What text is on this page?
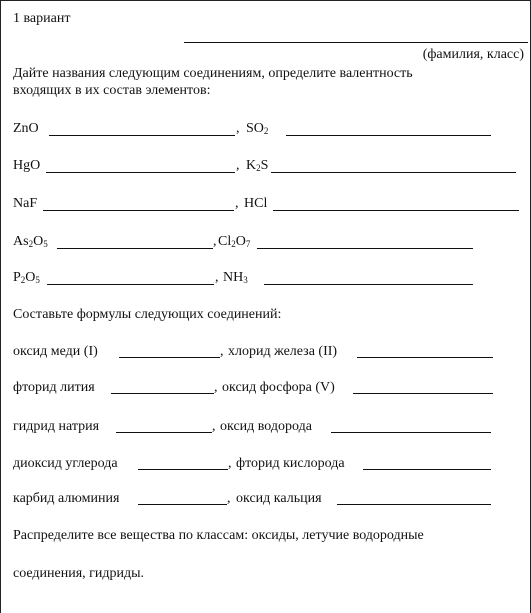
1 вариант
(фамилия, класс)
Дайте названия следующим соединениям, определите валентность
входящих в их состав элементов:
ZnO	, $SO_2$
HgO	, $K_2S$
NaF	, HCl
$As_2O_5$	, $Cl_2O_7$
$P_2O_5$	, $NH_3$
Составьте формулы следующих соединений:
оксид меди (I)	, хлорид железа (II)
фторид лития	, оксид фосфора (V)
гидрид натрия	, оксид водорода
диоксид углерода	, фторид кислорода
карбид алюминия	, оксид кальция
Распределите все вещества по классам: оксиды, летучие водородные
соединения, гидриды.
